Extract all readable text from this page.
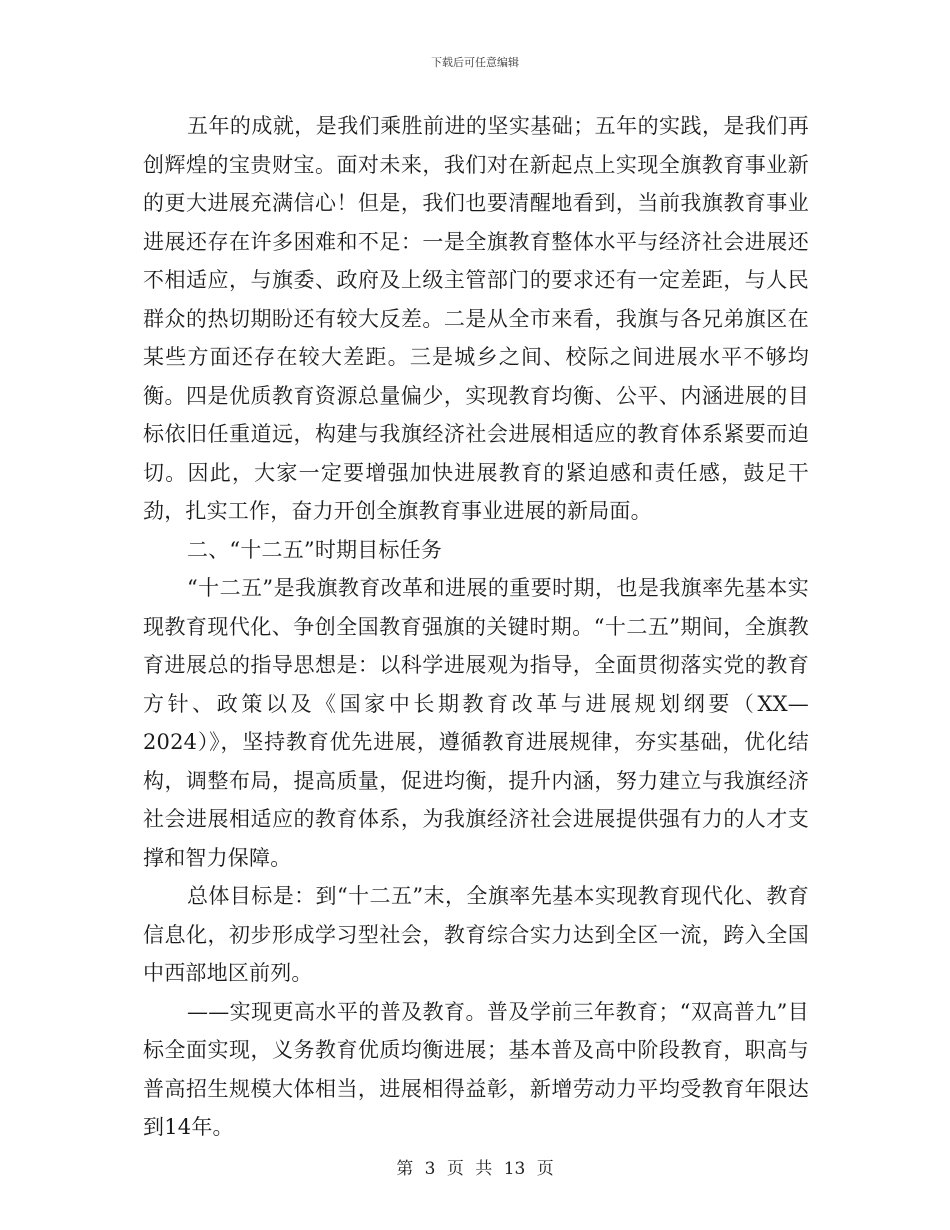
下载后可任意编辑

五年的成就，是我们乘胜前进的坚实基础；五年的实践，是我们再创辉煌的宝贵财宝。面对未来，我们对在新起点上实现全旗教育事业新的更大进展充满信心！但是，我们也要清醒地看到，当前我旗教育事业进展还存在许多困难和不足：一是全旗教育整体水平与经济社会进展还不相适应，与旗委、政府及上级主管部门的要求还有一定差距，与人民群众的热切期盼还有较大反差。二是从全市来看，我旗与各兄弟旗区在某些方面还存在较大差距。三是城乡之间、校际之间进展水平不够均衡。四是优质教育资源总量偏少，实现教育均衡、公平、内涵进展的目标依旧任重道远，构建与我旗经济社会进展相适应的教育体系紧要而迫切。因此，大家一定要增强加快进展教育的紧迫感和责任感，鼓足干劲，扎实工作，奋力开创全旗教育事业进展的新局面。

二、“十二五”时期目标任务

“十二五”是我旗教育改革和进展的重要时期，也是我旗率先基本实现教育现代化、争创全国教育强旗的关键时期。“十二五”期间，全旗教育进展总的指导思想是：以科学进展观为指导，全面贯彻落实党的教育方针、政策以及《国家中长期教育改革与进展规划纲要（XX—2024）》，坚持教育优先进展，遵循教育进展规律，夯实基础，优化结构，调整布局，提高质量，促进均衡，提升内涵，努力建立与我旗经济社会进展相适应的教育体系，为我旗经济社会进展提供强有力的人才支撑和智力保障。

总体目标是：到“十二五”末，全旗率先基本实现教育现代化、教育信息化，初步形成学习型社会，教育综合实力达到全区一流，跨入全国中西部地区前列。

——实现更高水平的普及教育。普及学前三年教育；“双高普九”目标全面实现，义务教育优质均衡进展；基本普及高中阶段教育，职高与普高招生规模大体相当，进展相得益彰，新增劳动力平均受教育年限达到14年。

第 3 页 共 13 页
